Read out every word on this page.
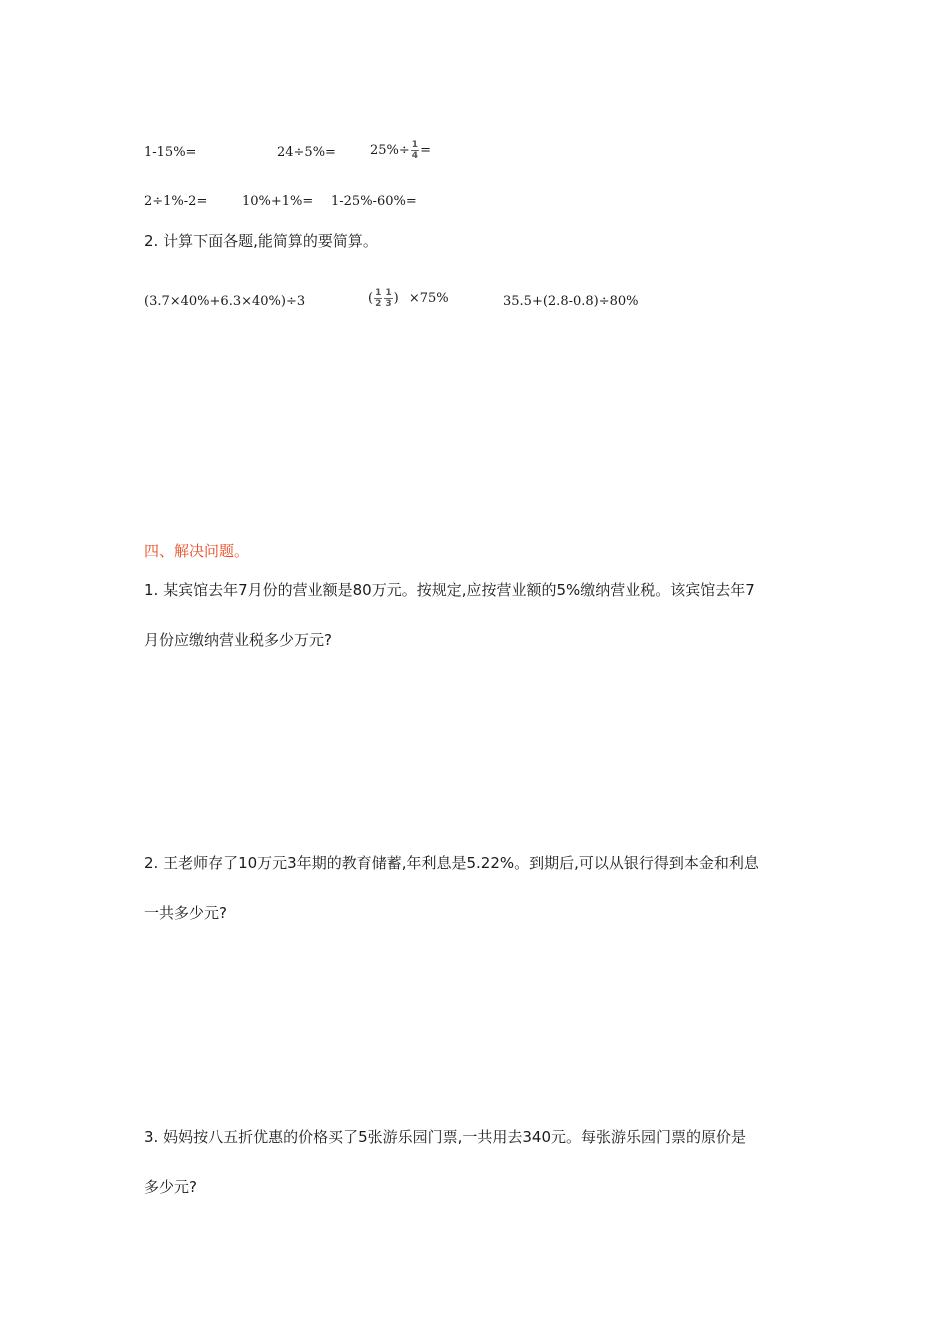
1-15%=	24÷5%=	$25\%\div \frac{1}{4}$ =
2÷1%-2=	10%+1%= 1-25%-60%=
2. 计算下面各题,能简算的要简算。
(3.7×40%+6.3×40%)÷3	( $\frac{1}{2} \frac{1}{3}$ ) ×75%	35.5+(2.8-0.8)÷80%
四、解决问题。
1. 某宾馆去年7月份的营业额是80万元。按规定,应按营业额的5%缴纳营业税。该宾馆去年7
月份应缴纳营业税多少万元?
2. 王老师存了10万元3年期的教育储蓄,年利息是5.22%。到期后,可以从银行得到本金和利息
一共多少元?
3. 妈妈按八五折优惠的价格买了5张游乐园门票,一共用去340元。每张游乐园门票的原价是
多少元?
